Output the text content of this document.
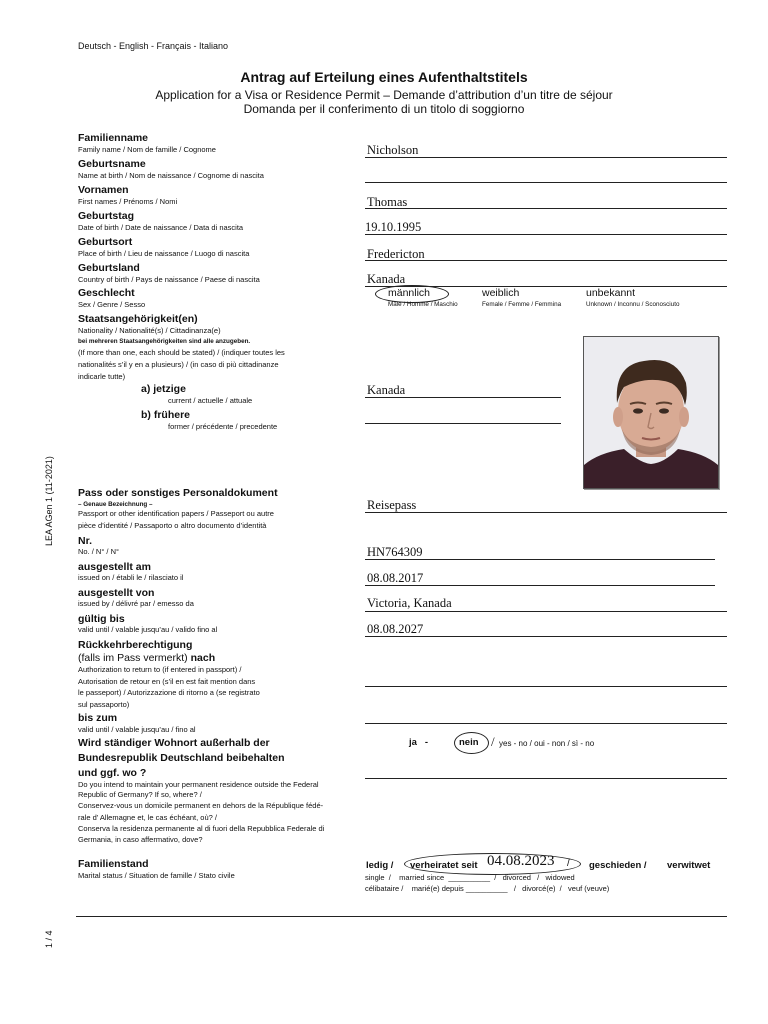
Deutsch - English - Français - Italiano
Antrag auf Erteilung eines Aufenthaltstitels
Application for a Visa or Residence Permit – Demande d’attribution d’un titre de séjour
Domanda per il conferimento di un titolo di soggiorno
LEA AGen 1 (11-2021)
1 / 4
Familienname
Family name / Nom de famille / Cognome	Nicholson
Geburtsname
Name at birth / Nom de naissance / Cognome di nascita
Vornamen
First names / Prénoms / Nomi	Thomas
Geburtstag
Date of birth / Date de naissance / Data di nascita	19.10.1995
Geburtsort
Place of birth / Lieu de naissance / Luogo di nascita	Fredericton
Geburtsland
Country of birth / Pays de naissance / Paese di nascita	Kanada
Geschlecht
Sex / Genre / Sesso
männlich
Male / Homme / Maschio
weiblich
Female / Femme / Femmina
unbekannt
Unknown / Inconnu / Sconosciuto
Staatsangehörigkeit(en)
Nationality / Nationalité(s) / Cittadinanza(e)
bei mehreren Staatsangehörigkeiten sind alle anzugeben.
(If more than one, each should be stated) / (indiquer toutes les
nationalités s’il y en a plusieurs) / (in caso di più cittadinanze
indicarle tutte)
a) jetzige
current / actuelle / attuale
Kanada
b) frühere
former / précédente / precedente
Pass oder sonstiges Personaldokument
– Genaue Bezeichnung –
Passport or other identification papers / Passeport ou autre
pièce d’identité / Passaporto o altro documento d’identità
Reisepass
Nr.
No. / N° / N°	HN764309
ausgestellt am
issued on / établi le / rilasciato il	08.08.2017
ausgestellt von
issued by / délivré par / emesso da	Victoria, Kanada
gültig bis
valid until / valable jusqu’au / valido fino al	08.08.2027
Rückkehrberechtigung
(falls im Pass vermerkt) nach
Authorization to return to (if entered in passport) /
Autorisation de retour en (s’il en est fait mention dans
le passeport) / Autorizzazione di ritorno a (se registrato
sul passaporto)
bis zum
valid until / valable jusqu’au / fino al
Wird ständiger Wohnort außerhalb der
Bundesrepublik Deutschland beibehalten
und ggf. wo ?
Do you intend to maintain your permanent residence outside the Federal
Republic of Germany? If so, where? /
Conservez-vous un domicile permanent en dehors de la République fédé-
rale d’ Allemagne et, le cas échéant, où? /
Conserva la residenza permanente al di fuori della Repubblica Federale di
Germania, in caso affermativo, dove?
ja   -	nein / yes - no / oui - non / sì - no
Familienstand
Marital status / Situation de famille / Stato civile
ledig / verheiratet seit 04.08.2023 / geschieden / verwitwet
single  /    married since  __________  /   divorced   /   widowed
célibataire /    marié(e) depuis __________   /   divorcé(e)  /   veuf (veuve)
